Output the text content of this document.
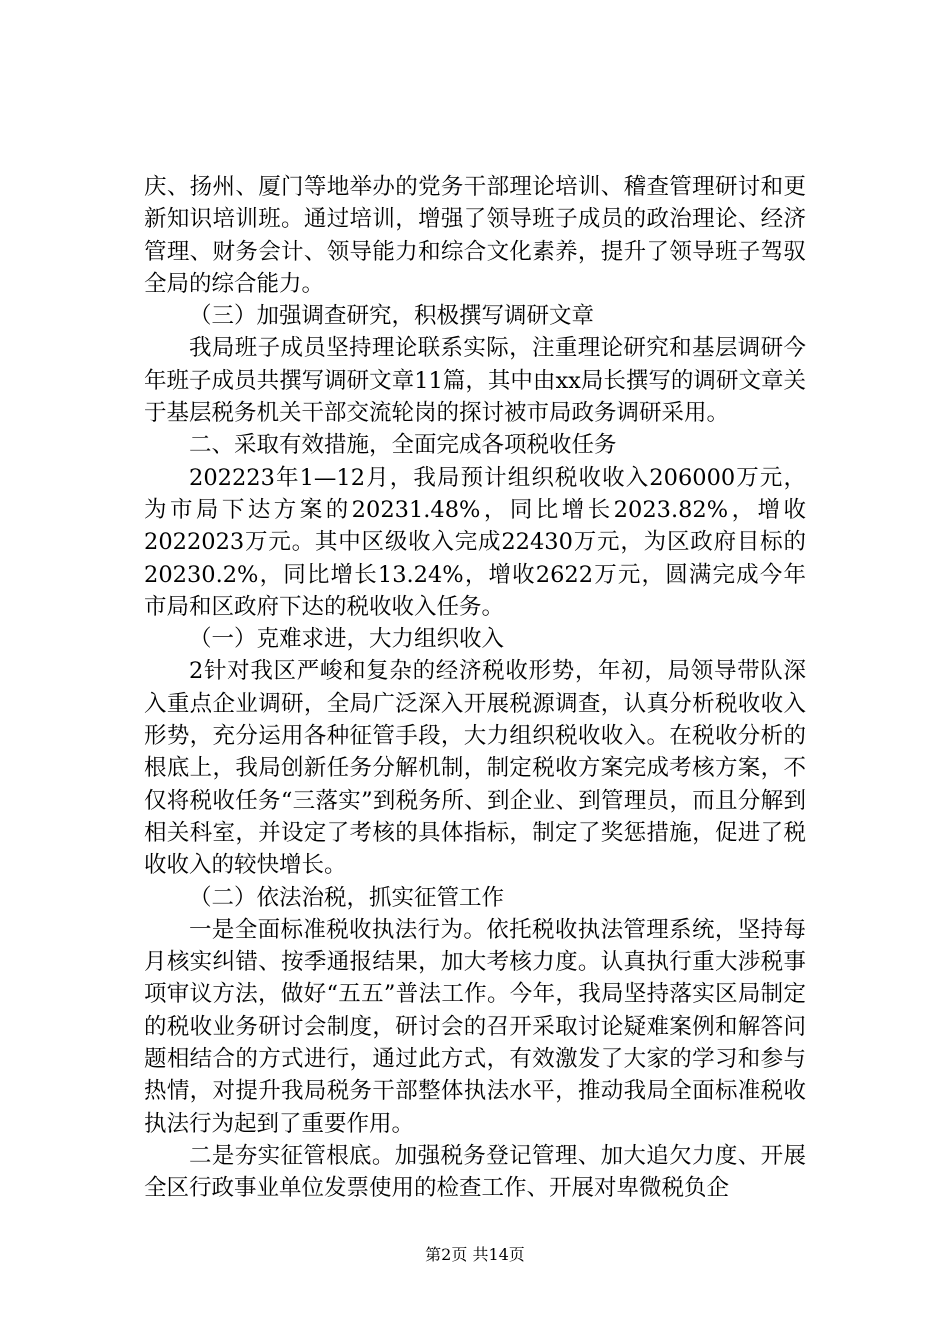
庆、扬州、厦门等地举办的党务干部理论培训、稽查管理研讨和更新知识培训班。通过培训，增强了领导班子成员的政治理论、经济管理、财务会计、领导能力和综合文化素养，提升了领导班子驾驭全局的综合能力。

（三）加强调查研究，积极撰写调研文章

我局班子成员坚持理论联系实际，注重理论研究和基层调研今年班子成员共撰写调研文章11篇，其中由xx局长撰写的调研文章关于基层税务机关干部交流轮岗的探讨被市局政务调研采用。

二、采取有效措施，全面完成各项税收任务

202223年1—12月，我局预计组织税收收入206000万元，为市局下达方案的20231.48%，同比增长2023.82%，增收2022023万元。其中区级收入完成22430万元，为区政府目标的20230.2%，同比增长13.24%，增收2622万元，圆满完成今年市局和区政府下达的税收收入任务。

（一）克难求进，大力组织收入

2针对我区严峻和复杂的经济税收形势，年初，局领导带队深入重点企业调研，全局广泛深入开展税源调查，认真分析税收收入形势，充分运用各种征管手段，大力组织税收收入。在税收分析的根底上，我局创新任务分解机制，制定税收方案完成考核方案，不仅将税收任务“三落实”到税务所、到企业、到管理员，而且分解到相关科室，并设定了考核的具体指标，制定了奖惩措施，促进了税收收入的较快增长。

（二）依法治税，抓实征管工作

一是全面标准税收执法行为。依托税收执法管理系统，坚持每月核实纠错、按季通报结果，加大考核力度。认真执行重大涉税事项审议方法，做好“五五”普法工作。今年，我局坚持落实区局制定的税收业务研讨会制度，研讨会的召开采取讨论疑难案例和解答问题相结合的方式进行，通过此方式，有效激发了大家的学习和参与热情，对提升我局税务干部整体执法水平，推动我局全面标准税收执法行为起到了重要作用。

二是夯实征管根底。加强税务登记管理、加大追欠力度、开展全区行政事业单位发票使用的检查工作、开展对卑微税负企

第2页 共14页
